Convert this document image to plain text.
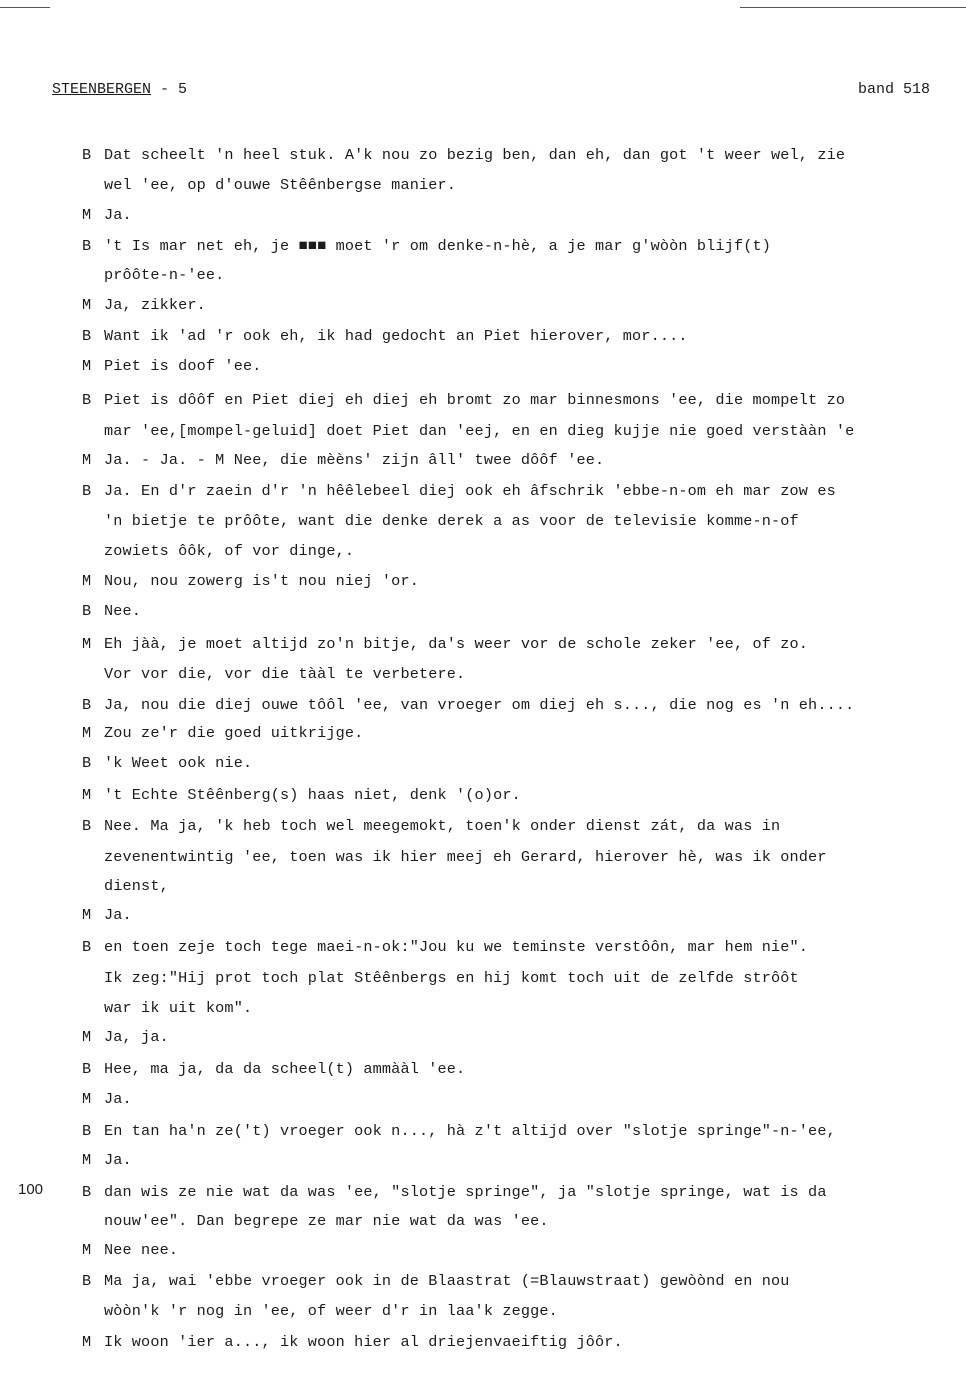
STEENBERGEN - 5	band 518
100
B Dat scheelt 'n heel stuk. A'k nou zo bezig ben, dan eh, dan got 't weer wel, zie
wel 'ee, op d'ouwe Stêênbergse manier.
M Ja.
B 't Is mar net eh, je ■■■ moet 'r om denke-n-hè, a je mar g'wòòn blijf(t)
prôôte-n-'ee.
M Ja, zikker.
B Want ik 'ad 'r ook eh, ik had gedocht an Piet hierover, mor....
M Piet is doof 'ee.
B Piet is dôôf en Piet diej eh diej eh bromt zo mar binnesmons 'ee, die mompelt zo
mar 'ee,[mompel-geluid] doet Piet dan 'eej, en en dieg kujje nie goed verstààn 'e
M Ja. - Ja. - M Nee, die mèèns' zijn âll' twee dôôf 'ee.
B Ja. En d'r zaein d'r 'n hêêlebeel diej ook eh âfschrik 'ebbe-n-om eh mar zow es
'n bietje te prôôte, want die denke derek a as voor de televisie komme-n-of
zowiets ôôk, of vor dinge,.
M Nou, nou zowerg is't nou niej 'or.
B Nee.
M Eh jàà, je moet altijd zo'n bitje, da's weer vor de schole zeker 'ee, of zo.
Vor vor die, vor die tààl te verbetere.
B Ja, nou die diej ouwe tôôl 'ee, van vroeger om diej eh s..., die nog es 'n eh....
M Zou ze'r die goed uitkrijge.
B 'k Weet ook nie.
M 't Echte Stêênberg(s) haas niet, denk '(o)or.
B Nee. Ma ja, 'k heb toch wel meegemokt, toen'k onder dienst zát, da was in
zevenentwintig 'ee, toen was ik hier meej eh Gerard, hierover hè, was ik onder
dienst,
M Ja.
B en toen zeje toch tege maei-n-ok:"Jou ku we teminste verstôôn, mar hem nie".
Ik zeg:"Hij prot toch plat Stêênbergs en hij komt toch uit de zelfde strôôt
war ik uit kom".
M Ja, ja.
B Hee, ma ja, da da scheel(t) ammààl 'ee.
M Ja.
B En tan ha'n ze('t) vroeger ook n..., hà z't altijd over "slotje springe"-n-'ee,
M Ja.
B dan wis ze nie wat da was 'ee, "slotje springe", ja "slotje springe, wat is da
nouw'ee". Dan begrepe ze mar nie wat da was 'ee.
M Nee nee.
B Ma ja, wai 'ebbe vroeger ook in de Blaastrat (=Blauwstraat) gewòònd en nou
wòòn'k 'r nog in 'ee, of weer d'r in laa'k zegge.
M Ik woon 'ier a..., ik woon hier al driejenvaeiftig jôôr.
